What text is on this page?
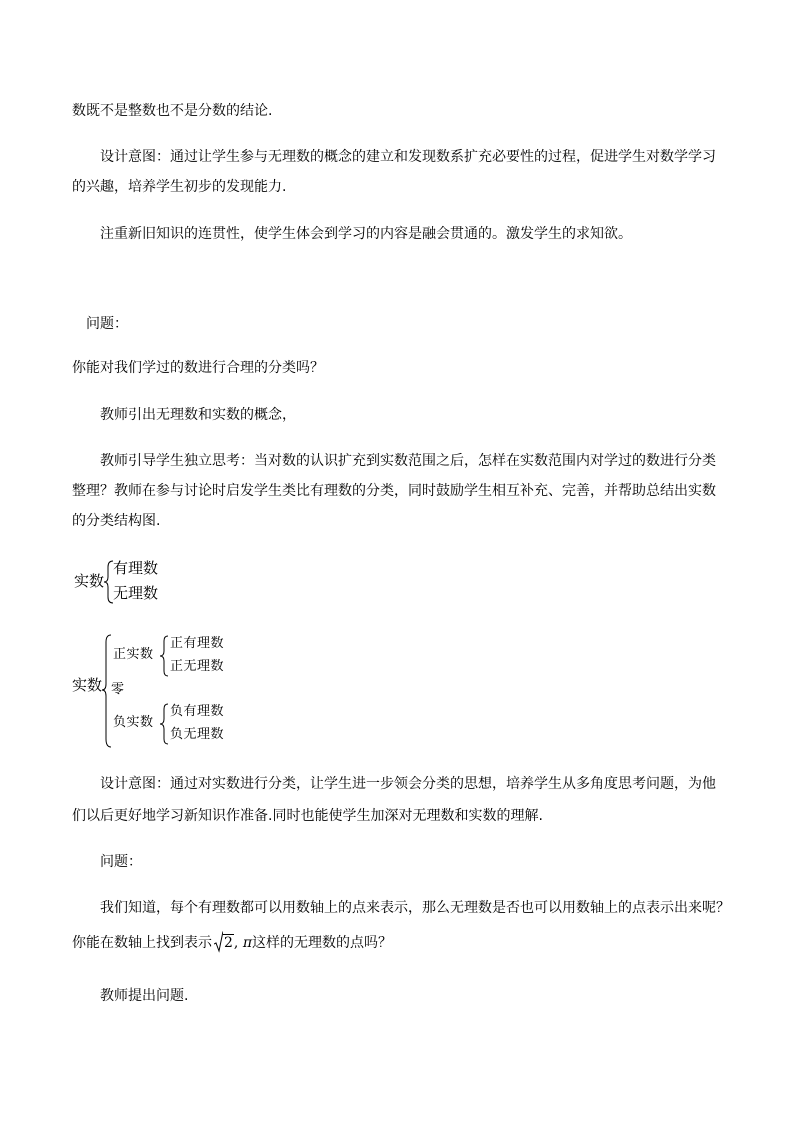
数既不是整数也不是分数的结论.
设计意图：通过让学生参与无理数的概念的建立和发现数系扩充必要性的过程，促进学生对数学学习
的兴趣，培养学生初步的发现能力.
注重新旧知识的连贯性，使学生体会到学习的内容是融会贯通的。激发学生的求知欲。
问题：
你能对我们学过的数进行合理的分类吗？
教师引出无理数和实数的概念，
教师引导学生独立思考：当对数的认识扩充到实数范围之后，怎样在实数范围内对学过的数进行分类
整理？教师在参与讨论时启发学生类比有理数的分类，同时鼓励学生相互补充、完善，并帮助总结出实数
的分类结构图.
实数
有理数
无理数
实数
正实数
正有理数
正无理数
零
负实数
负有理数
负无理数
设计意图：通过对实数进行分类，让学生进一步领会分类的思想，培养学生从多角度思考问题，为他
们以后更好地学习新知识作准备.同时也能使学生加深对无理数和实数的理解.
问题：
我们知道，每个有理数都可以用数轴上的点来表示，那么无理数是否也可以用数轴上的点表示出来呢？
你能在数轴上找到表示 2, π这样的无理数的点吗？
教师提出问题.
